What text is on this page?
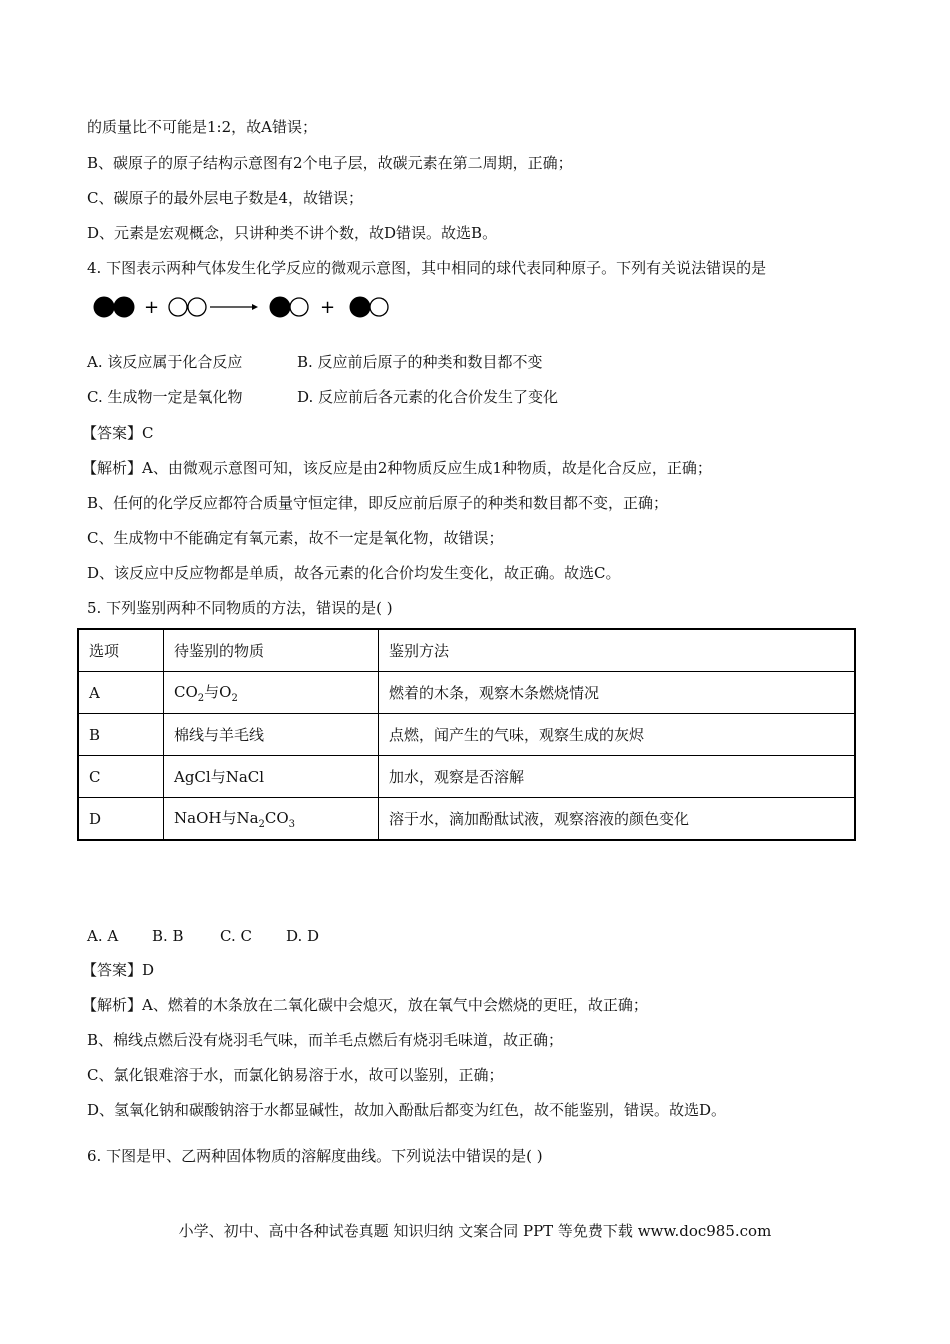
的质量比不可能是1:2，故A错误；
B、碳原子的原子结构示意图有2个电子层，故碳元素在第二周期，正确；
C、碳原子的最外层电子数是4，故错误；
D、元素是宏观概念，只讲种类不讲个数，故D错误。故选B。
4. 下图表示两种气体发生化学反应的微观示意图，其中相同的球代表同种原子。下列有关说法错误的是
+	+
A. 该反应属于化合反应	B. 反应前后原子的种类和数目都不变
C. 生成物一定是氧化物	D. 反应前后各元素的化合价发生了变化
【答案】C
【解析】A、由微观示意图可知，该反应是由2种物质反应生成1种物质，故是化合反应，正确；
B、任何的化学反应都符合质量守恒定律，即反应前后原子的种类和数目都不变，正确；
C、生成物中不能确定有氧元素，故不一定是氧化物，故错误；
D、该反应中反应物都是单质，故各元素的化合价均发生变化，故正确。故选C。
5. 下列鉴别两种不同物质的方法，错误的是( )
选项	待鉴别的物质	鉴别方法
A	$CO_2$与$O_2$	燃着的木条，观察木条燃烧情况
B	棉线与羊毛线	点燃，闻产生的气味，观察生成的灰烬
C	AgCl与NaCl	加水，观察是否溶解
D	NaOH与$Na_2CO_3$	溶于水，滴加酚酞试液，观察溶液的颜色变化
A. A B. B C. C D. D
【答案】D
【解析】A、燃着的木条放在二氧化碳中会熄灭，放在氧气中会燃烧的更旺，故正确；
B、棉线点燃后没有烧羽毛气味，而羊毛点燃后有烧羽毛味道，故正确；
C、氯化银难溶于水，而氯化钠易溶于水，故可以鉴别，正确；
D、氢氧化钠和碳酸钠溶于水都显碱性，故加入酚酞后都变为红色，故不能鉴别，错误。故选D。
6. 下图是甲、乙两种固体物质的溶解度曲线。下列说法中错误的是( )
小学、初中、高中各种试卷真题 知识归纳 文案合同 PPT 等免费下载 www.doc985.com
